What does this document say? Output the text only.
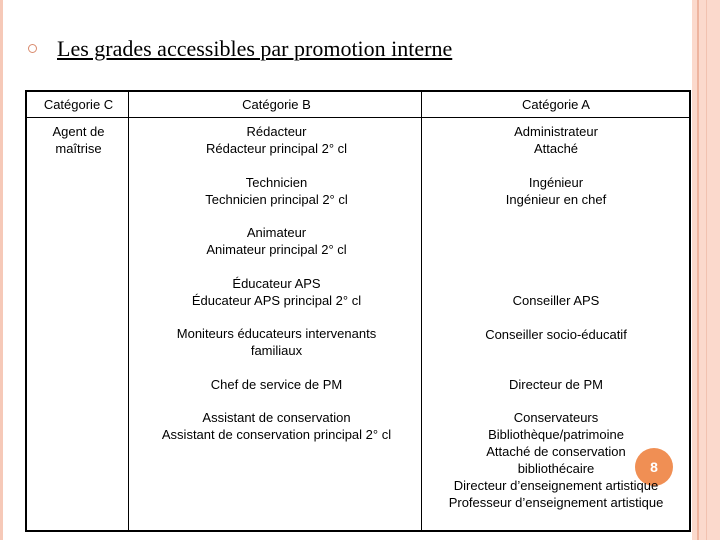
Les grades accessibles par promotion interne
Catégorie C	Catégorie B	Catégorie A
Agent de
maîtrise
Rédacteur
Rédacteur principal 2° cl
Technicien
Technicien principal 2° cl
Animateur
Animateur principal 2° cl
Éducateur APS
Éducateur APS principal 2° cl
Moniteurs éducateurs intervenants
familiaux
Chef de service de PM
Assistant de conservation
Assistant de conservation principal 2° cl
Administrateur
Attaché
Ingénieur
Ingénieur en chef
Conseiller APS
Conseiller socio-éducatif
Directeur de PM
Conservateurs
Bibliothèque/patrimoine
Attaché de conservation
bibliothécaire
Directeur d’enseignement artistique
Professeur d’enseignement artistique
8
